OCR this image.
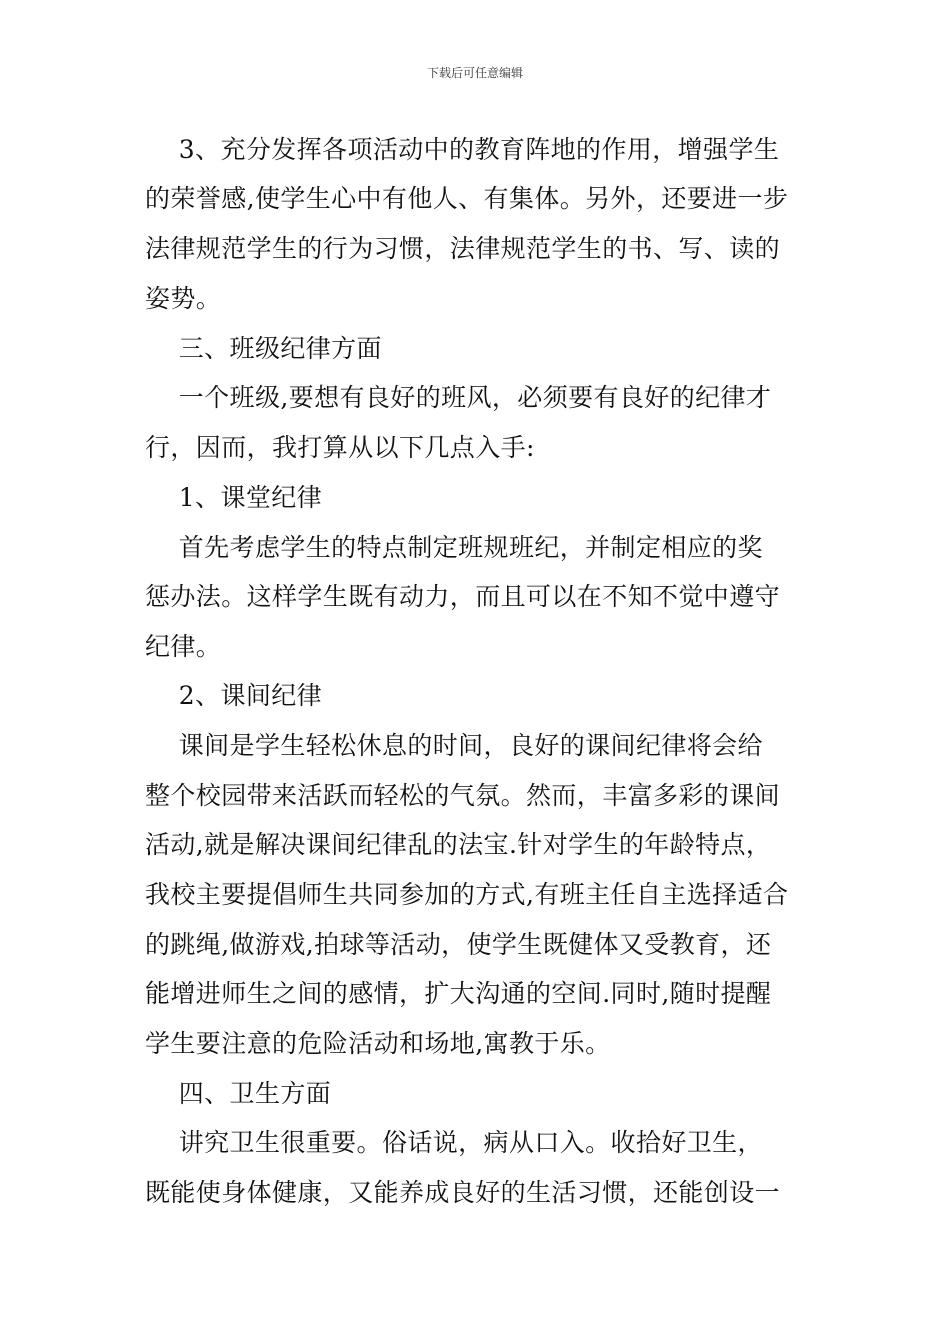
下载后可任意编辑
　 3、充分发挥各项活动中的教育阵地的作用，增强学生
的荣誉感,使学生心中有他人、有集体。另外，还要进一步
法律规范学生的行为习惯，法律规范学生的书、写、读的
姿势。
　 三、班级纪律方面
　 一个班级,要想有良好的班风，必须要有良好的纪律才
行，因而，我打算从以下几点入手:
　 1、课堂纪律
　 首先考虑学生的特点制定班规班纪，并制定相应的奖
惩办法。这样学生既有动力，而且可以在不知不觉中遵守
纪律。
　 2、课间纪律
　 课间是学生轻松休息的时间，良好的课间纪律将会给
整个校园带来活跃而轻松的气氛。然而，丰富多彩的课间
活动,就是解决课间纪律乱的法宝.针对学生的年龄特点，
我校主要提倡师生共同参加的方式,有班主任自主选择适合
的跳绳,做游戏,拍球等活动，使学生既健体又受教育，还
能增进师生之间的感情，扩大沟通的空间.同时,随时提醒
学生要注意的危险活动和场地,寓教于乐。
　 四、卫生方面
　 讲究卫生很重要。俗话说，病从口入。收拾好卫生，
既能使身体健康，又能养成良好的生活习惯，还能创设一
